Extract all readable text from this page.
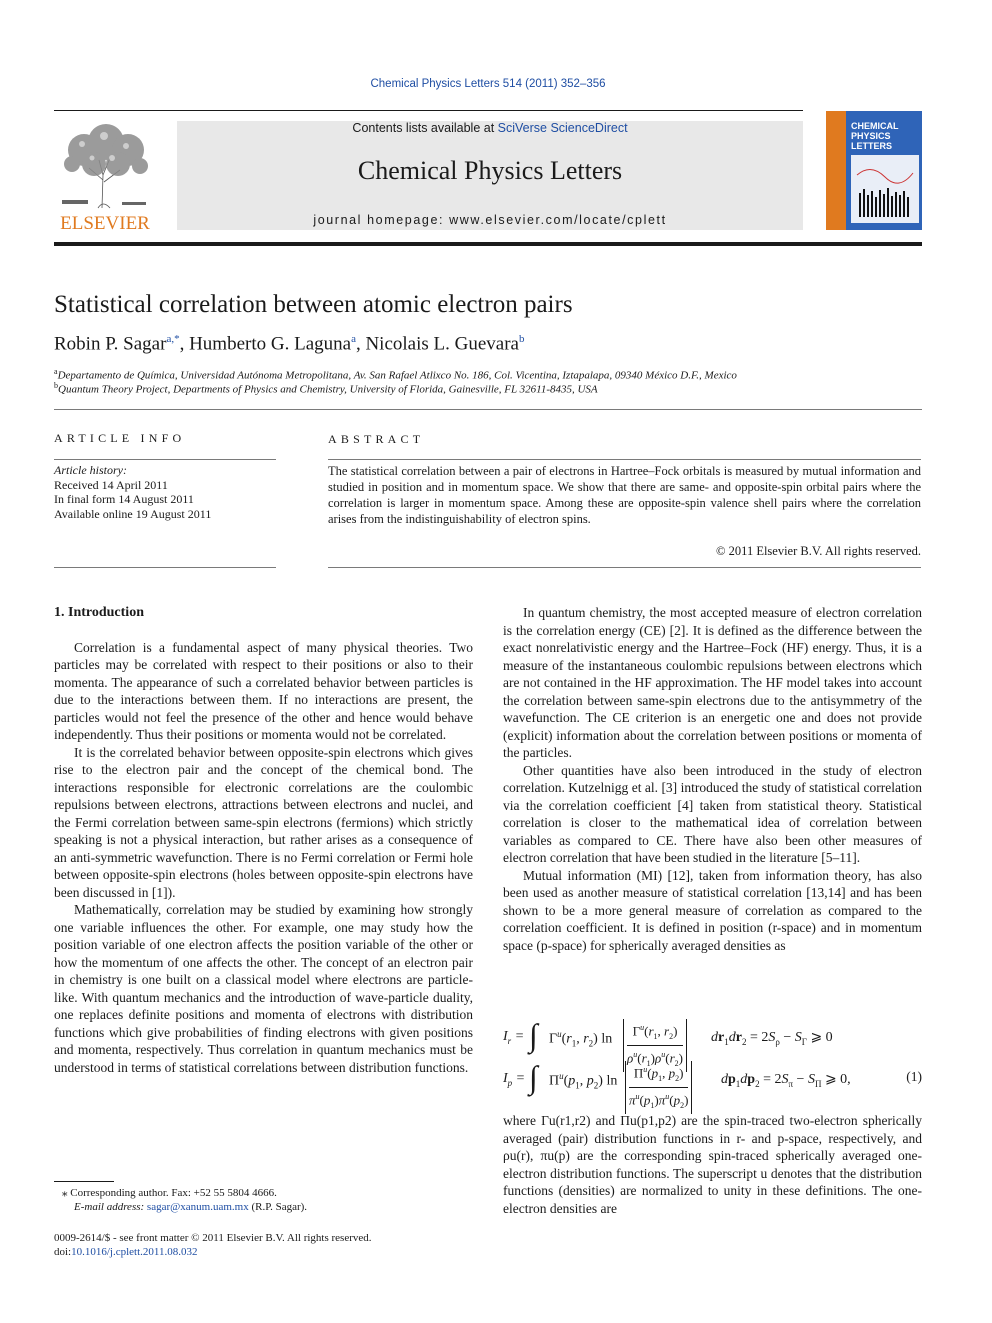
Chemical Physics Letters 514 (2011) 352–356
ELSEVIER
Contents lists available at SciVerse ScienceDirect
Chemical Physics Letters
journal homepage: www.elsevier.com/locate/cplett
CHEMICAL
PHYSICS
LETTERS
Statistical correlation between atomic electron pairs
Robin P. Sagar$^{a,*}$, Humberto G. Laguna$^a$, Nicolais L. Guevara$^b$
$^a$Departamento de Química, Universidad Autónoma Metropolitana, Av. San Rafael Atlixco No. 186, Col. Vicentina, Iztapalapa, 09340 México D.F., Mexico
$^b$Quantum Theory Project, Departments of Physics and Chemistry, University of Florida, Gainesville, FL 32611-8435, USA
ARTICLE INFO
Article history:
Received 14 April 2011
In final form 14 August 2011
Available online 19 August 2011
ABSTRACT
The statistical correlation between a pair of electrons in Hartree–Fock orbitals is measured by mutual information and studied in position and in momentum space. We show that there are same- and opposite-spin orbital pairs where the correlation is larger in momentum space. Among these are opposite-spin valence shell pairs where the correlation arises from the indistinguishability of electron spins.
© 2011 Elsevier B.V. All rights reserved.
1. Introduction

Correlation is a fundamental aspect of many physical theories. Two particles may be correlated with respect to their positions or also to their momenta. The appearance of such a correlated behavior between particles is due to the interactions between them. If no interactions are present, the particles would not feel the presence of the other and hence would behave independently. Thus their positions or momenta would not be correlated.

It is the correlated behavior between opposite-spin electrons which gives rise to the electron pair and the concept of the chemical bond. The interactions responsible for electronic correlations are the coulombic repulsions between electrons, attractions between electrons and nuclei, and the Fermi correlation between same-spin electrons (fermions) which strictly speaking is not a physical interaction, but rather arises as a consequence of an anti-symmetric wavefunction. There is no Fermi correlation or Fermi hole between opposite-spin electrons (holes between opposite-spin electrons have been discussed in [1]).

Mathematically, correlation may be studied by examining how strongly one variable influences the other. For example, one may study how the position variable of one electron affects the position variable of the other or how the momentum of one affects the other. The concept of an electron pair in chemistry is one built on a classical model where electrons are particle-like. With quantum mechanics and the introduction of wave-particle duality, one replaces definite positions and momenta of electrons with distribution functions which give probabilities of finding electrons with given positions and momenta, respectively. Thus correlation in quantum mechanics must be understood in terms of statistical correlations between distribution functions.

In quantum chemistry, the most accepted measure of electron correlation is the correlation energy (CE) [2]. It is defined as the difference between the exact nonrelativistic energy and the Hartree–Fock (HF) energy. Thus, it is a measure of the instantaneous coulombic repulsions between electrons which are not contained in the HF approximation. The HF model takes into account the correlation between same-spin electrons due to the antisymmetry of the wavefunction. The CE criterion is an energetic one and does not provide (explicit) information about the correlation between positions or momenta of the particles.

Other quantities have also been introduced in the study of electron correlation. Kutzelnigg et al. [3] introduced the study of statistical correlation via the correlation coefficient [4] taken from statistical theory. Statistical correlation is closer to the mathematical idea of correlation between variables as compared to CE. There have also been other measures of electron correlation that have been studied in the literature [5–11].

Mutual information (MI) [12], taken from information theory, has also been used as another measure of statistical correlation [13,14] and has been shown to be a more general measure of correlation as compared to the correlation coefficient. It is defined in position (r-space) and in momentum space (p-space) for spherically averaged densities as

$I_r$ = ∫ $\Gamma^u(r_1$, $r_2$) ln
$\Gamma^u(r_1$, $r_2$)
$\rho^u(r_1)\rho^u(r_2)$
$dr_1dr_2 = 2S_\rho - S_\Gamma$ ⩾ 0
$I_p$ = ∫ $\Pi^u(p_1$, $p_2$) ln
$\Pi^u(p_1$, $p_2$)
$\pi^u(p_1)\pi^u(p_2)$
$dp_1dp_2 = 2S_\pi - S_\Pi$ ⩾ 0,	(1)

where Γu(r1,r2) and Πu(p1,p2) are the spin-traced two-electron spherically averaged (pair) distribution functions in r- and p-space, respectively, and ρu(r), πu(p) are the corresponding spin-traced spherically averaged one-electron distribution functions. The superscript u denotes that the distribution functions (densities) are normalized to unity in these definitions. The one-electron densities are

⁎ Corresponding author. Fax: +52 55 5804 4666.
E-mail address: sagar@xanum.uam.mx (R.P. Sagar).
0009-2614/$ - see front matter © 2011 Elsevier B.V. All rights reserved.
doi:10.1016/j.cplett.2011.08.032
